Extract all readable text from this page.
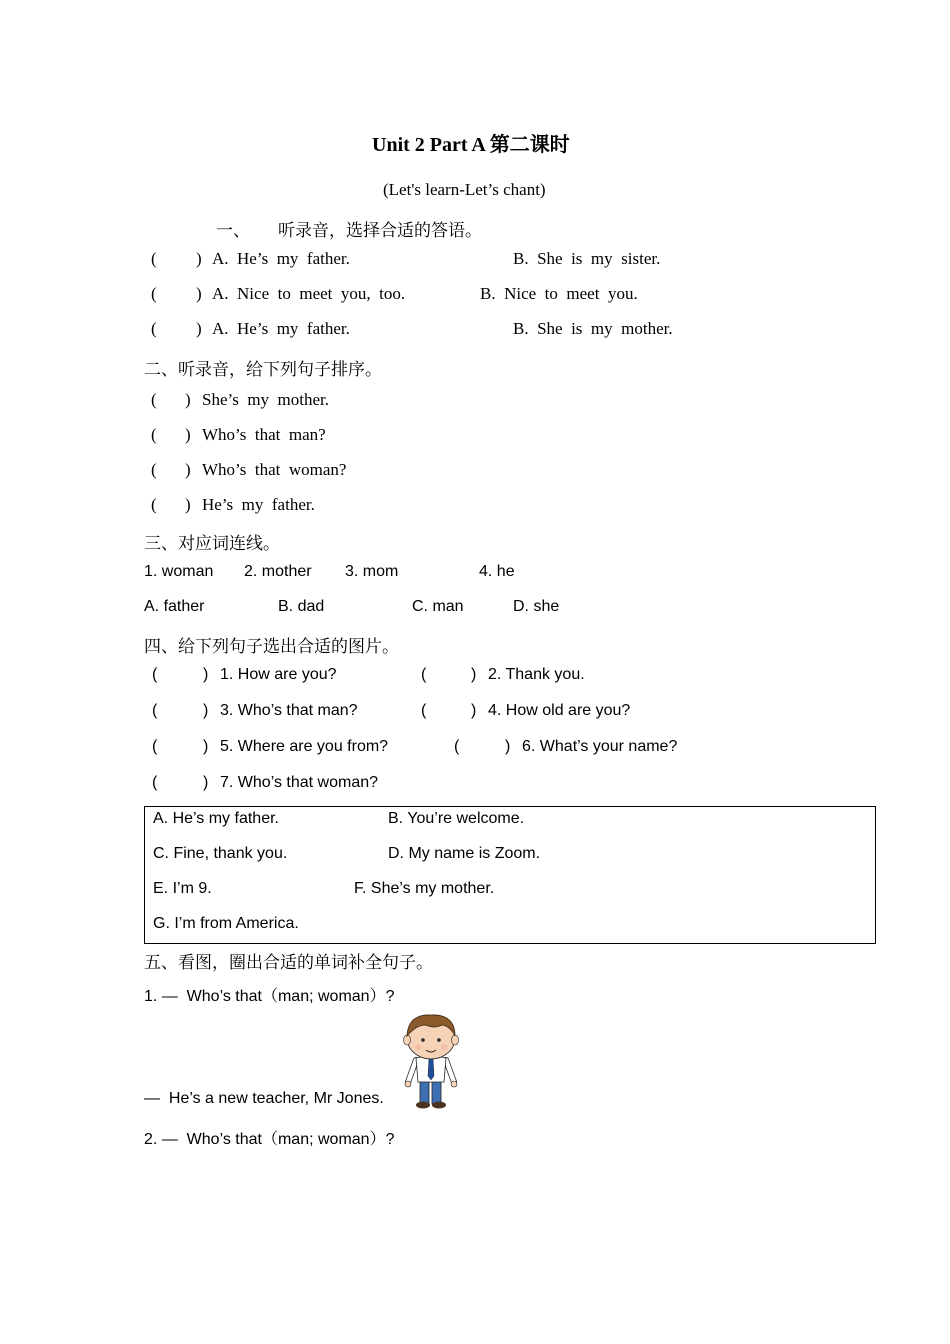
Unit 2 Part A 第二课时
(Let's learn-Let’s chant)
一、 听录音，选择合适的答语。
( ) A.  He’s  my  father.	B.  She  is  my  sister.
( ) A.  Nice  to  meet  you,  too.	B.  Nice  to  meet  you.
( ) A.  He’s  my  father.	B.  She  is  my  mother.
二、听录音，给下列句子排序。
( ) She’s  my  mother.
( ) Who’s  that  man?
( ) Who’s  that  woman?
( ) He’s  my  father.
三、对应词连线。
1. woman 2. mother 3. mom	4. he
A. father	B. dad	C. man	D. she
四、给下列句子选出合适的图片。
(	) 1. How are you?	(	) 2. Thank you.
(	) 3. Who’s that man?	(	) 4. How old are you?
(	) 5. Where are you from?	(	) 6. What’s your name?
(	) 7. Who’s that woman?
A. He’s my father.	B. You’re welcome.
C. Fine, thank you.	D. My name is Zoom.
E. I’m 9.	F. She’s my mother.
G. I’m from America.
五、看图，圈出合适的单词补全句子。
1. —  Who’s that（man; woman）?
—  He’s a new teacher, Mr Jones.
2. —  Who’s that（man; woman）?
